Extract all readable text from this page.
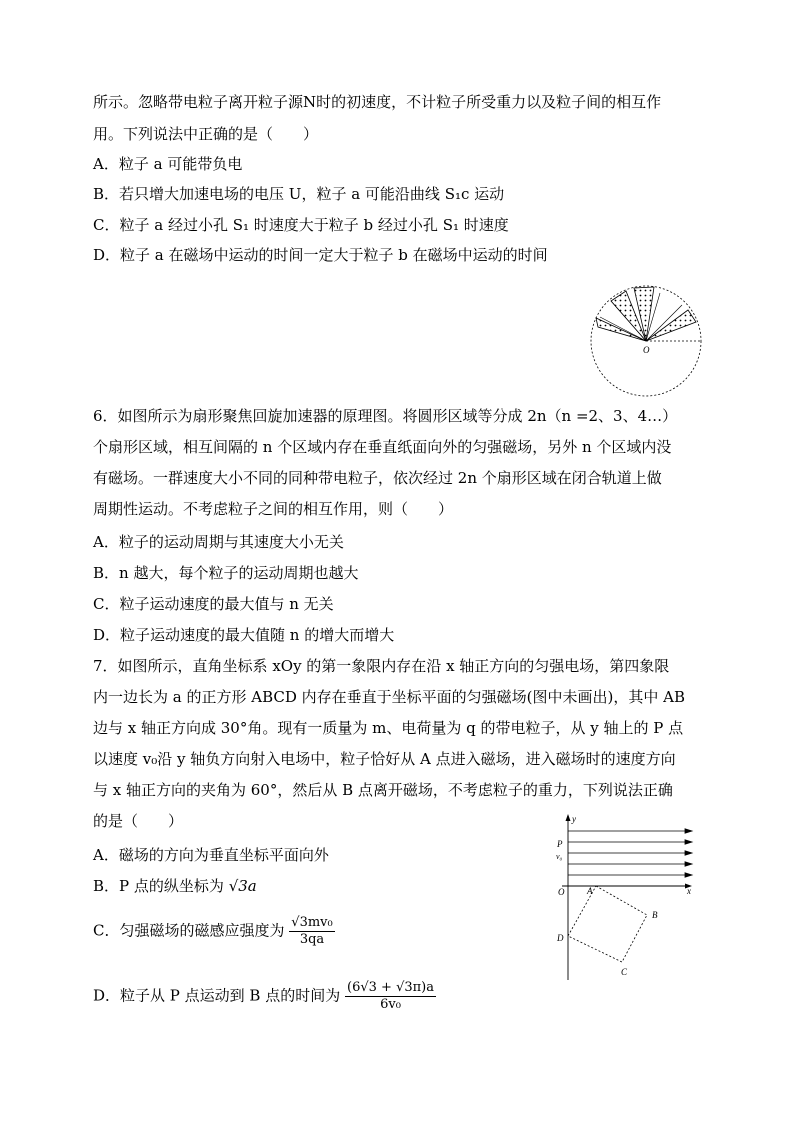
所示。忽略带电粒子离开粒子源N时的初速度，不计粒子所受重力以及粒子间的相互作
用。下列说法中正确的是（　　）
A．粒子 a 可能带负电
B．若只增大加速电场的电压 U，粒子 a 可能沿曲线 S₁c 运动
C．粒子 a 经过小孔 S₁ 时速度大于粒子 b 经过小孔 S₁ 时速度
D．粒子 a 在磁场中运动的时间一定大于粒子 b 在磁场中运动的时间
O
6．如图所示为扇形聚焦回旋加速器的原理图。将圆形区域等分成 2n（n =2、3、4…）
个扇形区域，相互间隔的 n 个区域内存在垂直纸面向外的匀强磁场，另外 n 个区域内没
有磁场。一群速度大小不同的同种带电粒子，依次经过 2n 个扇形区域在闭合轨道上做
周期性运动。不考虑粒子之间的相互作用，则（　　）
A．粒子的运动周期与其速度大小无关
B．n 越大，每个粒子的运动周期也越大
C．粒子运动速度的最大值与 n 无关
D．粒子运动速度的最大值随 n 的增大而增大
7．如图所示，直角坐标系 xOy 的第一象限内存在沿 x 轴正方向的匀强电场，第四象限
内一边长为 a 的正方形 ABCD 内存在垂直于坐标平面的匀强磁场(图中未画出)，其中 AB
边与 x 轴正方向成 30°角。现有一质量为 m、电荷量为 q 的带电粒子，从 y 轴上的 P 点
以速度 v₀沿 y 轴负方向射入电场中，粒子恰好从 A 点进入磁场，进入磁场时的速度方向
与 x 轴正方向的夹角为 60°，然后从 B 点离开磁场，不考虑粒子的重力，下列说法正确
的是（　　）
A．磁场的方向为垂直坐标平面向外
B．P 点的纵坐标为 √3a
C．匀强磁场的磁感应强度为 $\frac{\text{√3mv₀}}{3qa}$
D．粒子从 P 点运动到 B 点的时间为 $\frac{(6√3 + √3\pi)a}{\text{6v₀}}$
y
x
O
P
v₀
A
B
C
D
